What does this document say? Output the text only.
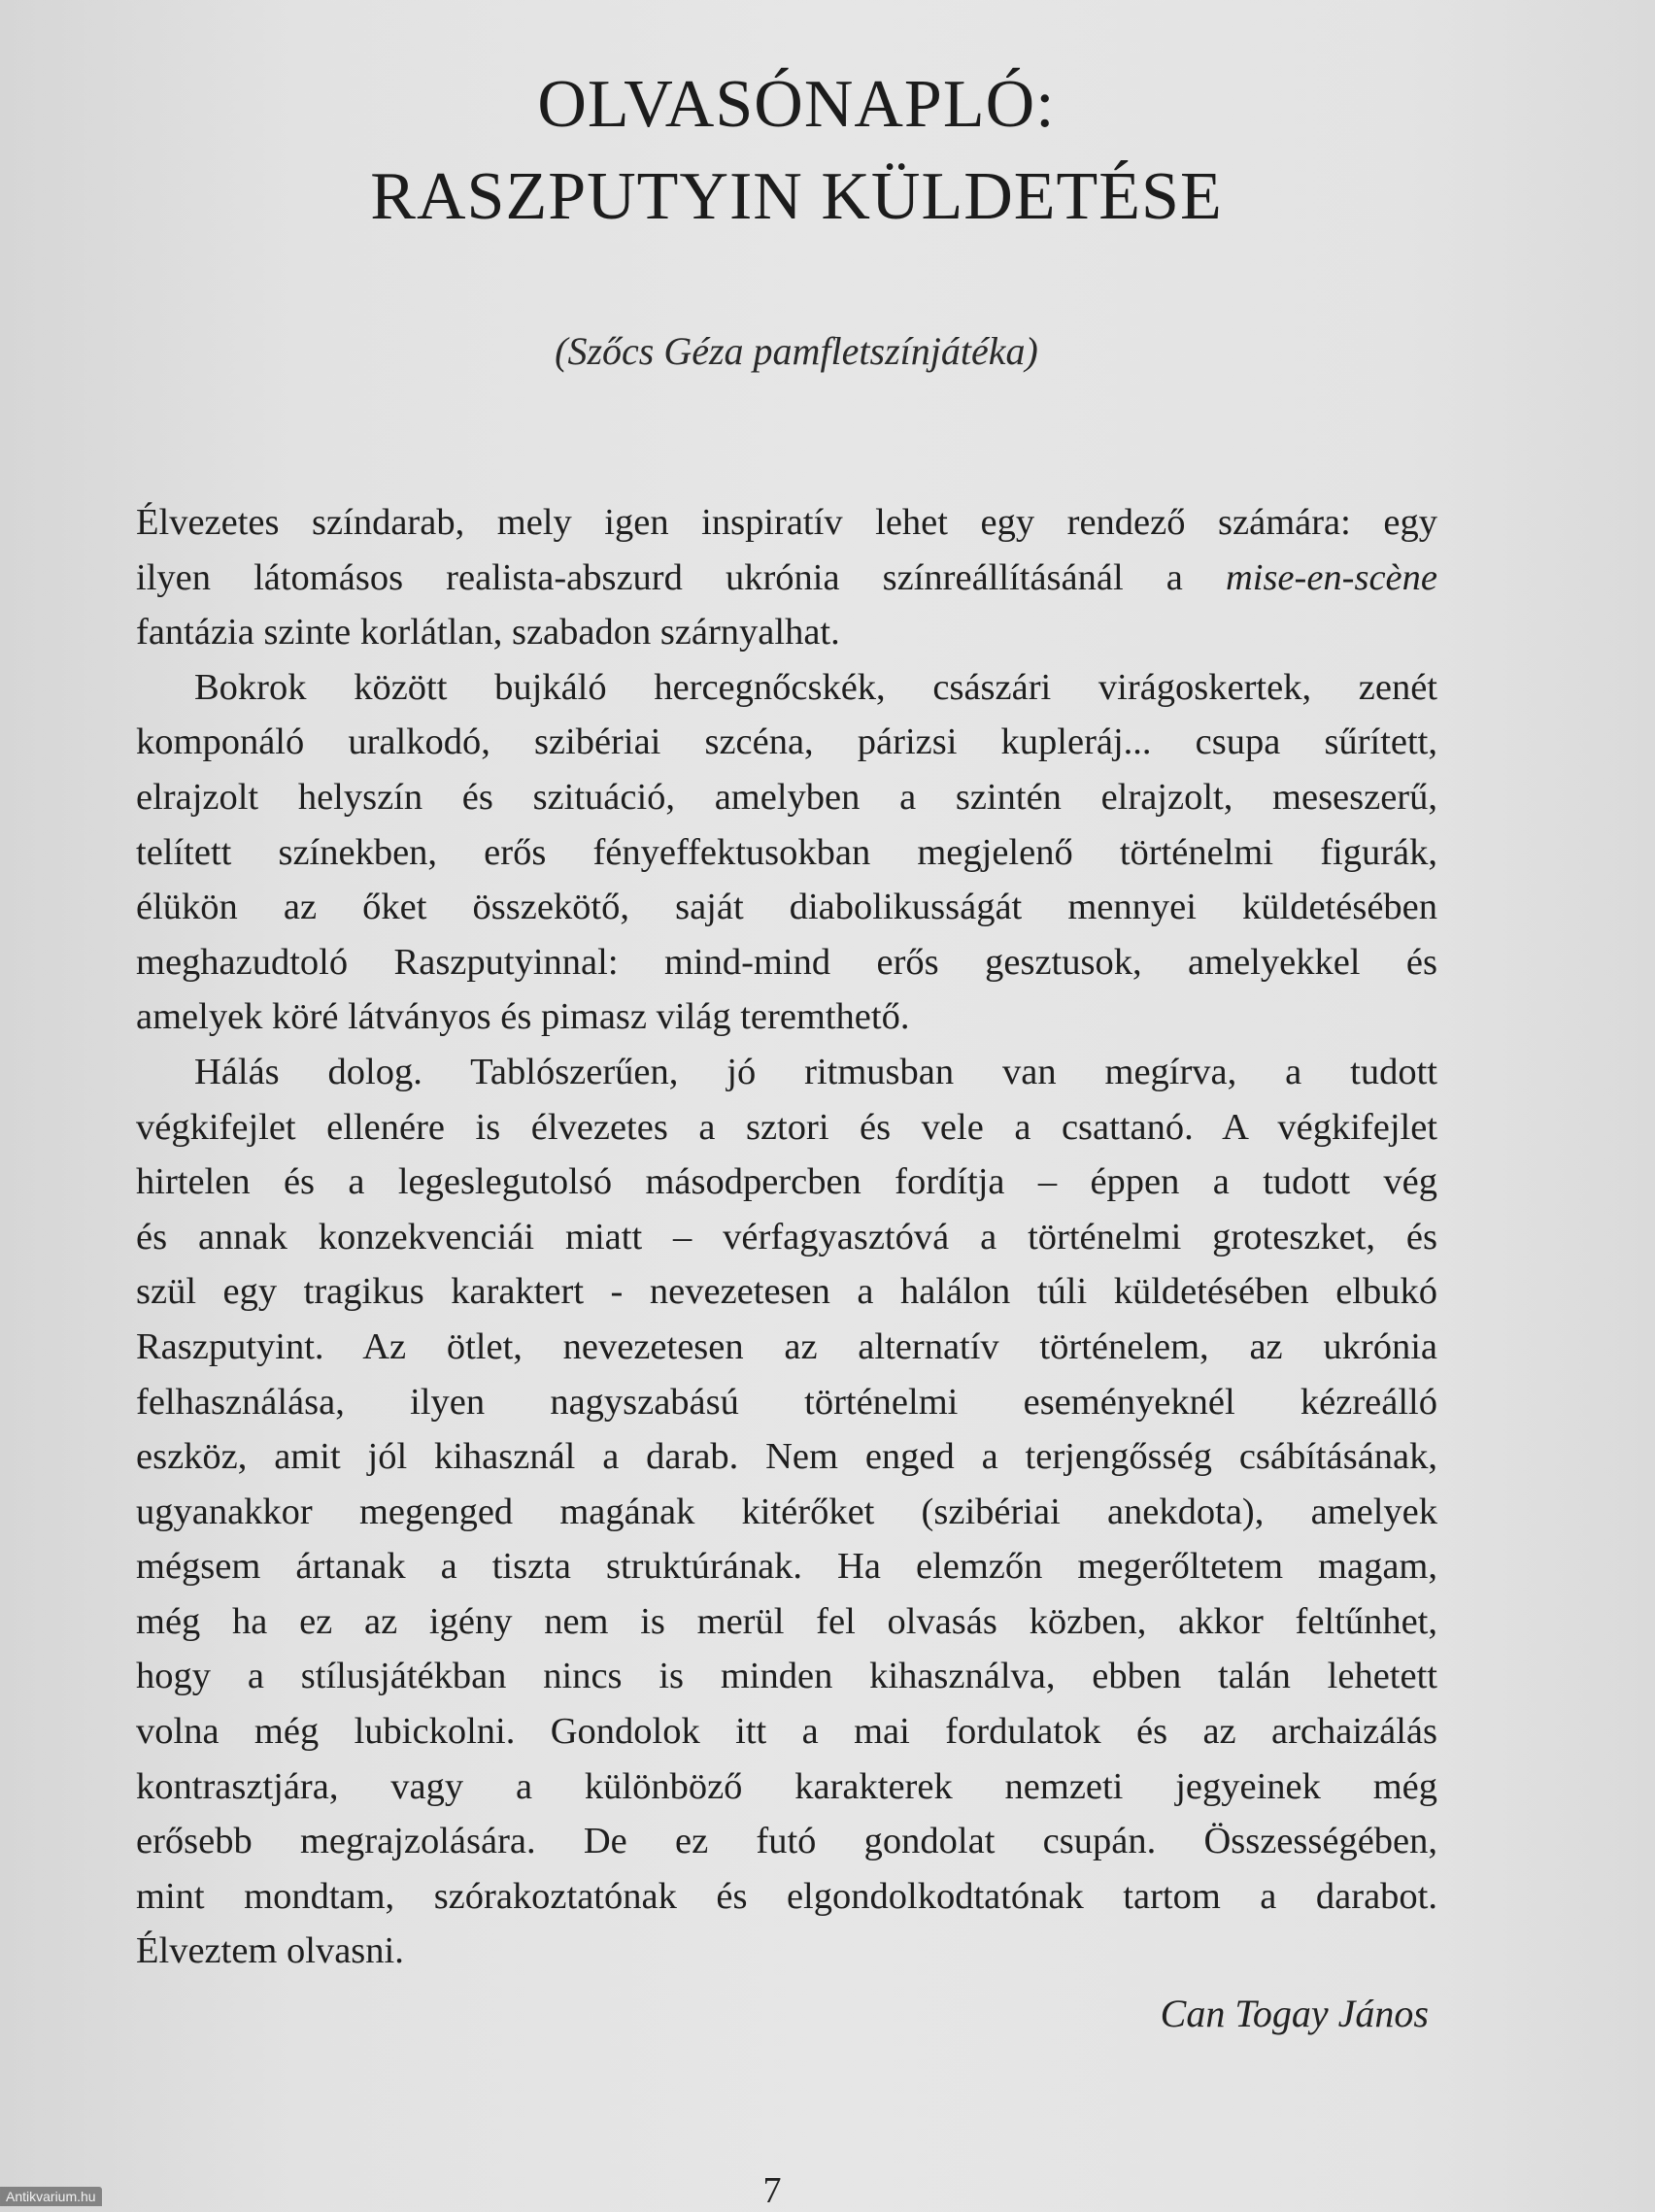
OLVASÓNAPLÓ:
RASZPUTYIN KÜLDETÉSE
(Szőcs Géza pamfletszínjátéka)
Élvezetes színdarab, mely igen inspiratív lehet egy rendező számára: egy
ilyen látomásos realista-abszurd ukrónia színreállításánál a mise-en-scène
fantázia szinte korlátlan, szabadon szárnyalhat.
Bokrok között bujkáló hercegnőcskék, császári virágoskertek, zenét
komponáló uralkodó, szibériai szcéna, párizsi kupleráj... csupa sűrített,
elrajzolt helyszín és szituáció, amelyben a szintén elrajzolt, meseszerű,
telített színekben, erős fényeffektusokban megjelenő történelmi figurák,
élükön az őket összekötő, saját diabolikusságát mennyei küldetésében
meghazudtoló Raszputyinnal: mind-mind erős gesztusok, amelyekkel és
amelyek köré látványos és pimasz világ teremthető.
Hálás dolog. Tablószerűen, jó ritmusban van megírva, a tudott
végkifejlet ellenére is élvezetes a sztori és vele a csattanó. A végkifejlet
hirtelen és a legeslegutolsó másodpercben fordítja – éppen a tudott vég
és annak konzekvenciái miatt – vérfagyasztóvá a történelmi groteszket, és
szül egy tragikus karaktert - nevezetesen a halálon túli küldetésében elbukó
Raszputyint. Az ötlet, nevezetesen az alternatív történelem, az ukrónia
felhasználása, ilyen nagyszabású történelmi eseményeknél kézreálló
eszköz, amit jól kihasznál a darab. Nem enged a terjengősség csábításának,
ugyanakkor megenged magának kitérőket (szibériai anekdota), amelyek
mégsem ártanak a tiszta struktúrának. Ha elemzőn megerőltetem magam,
még ha ez az igény nem is merül fel olvasás közben, akkor feltűnhet,
hogy a stílusjátékban nincs is minden kihasználva, ebben talán lehetett
volna még lubickolni. Gondolok itt a mai fordulatok és az archaizálás
kontrasztjára, vagy a különböző karakterek nemzeti jegyeinek még
erősebb megrajzolására. De ez futó gondolat csupán. Összességében,
mint mondtam, szórakoztatónak és elgondolkodtatónak tartom a darabot.
Élveztem olvasni.
Can Togay János
7
Antikvarium.hu
